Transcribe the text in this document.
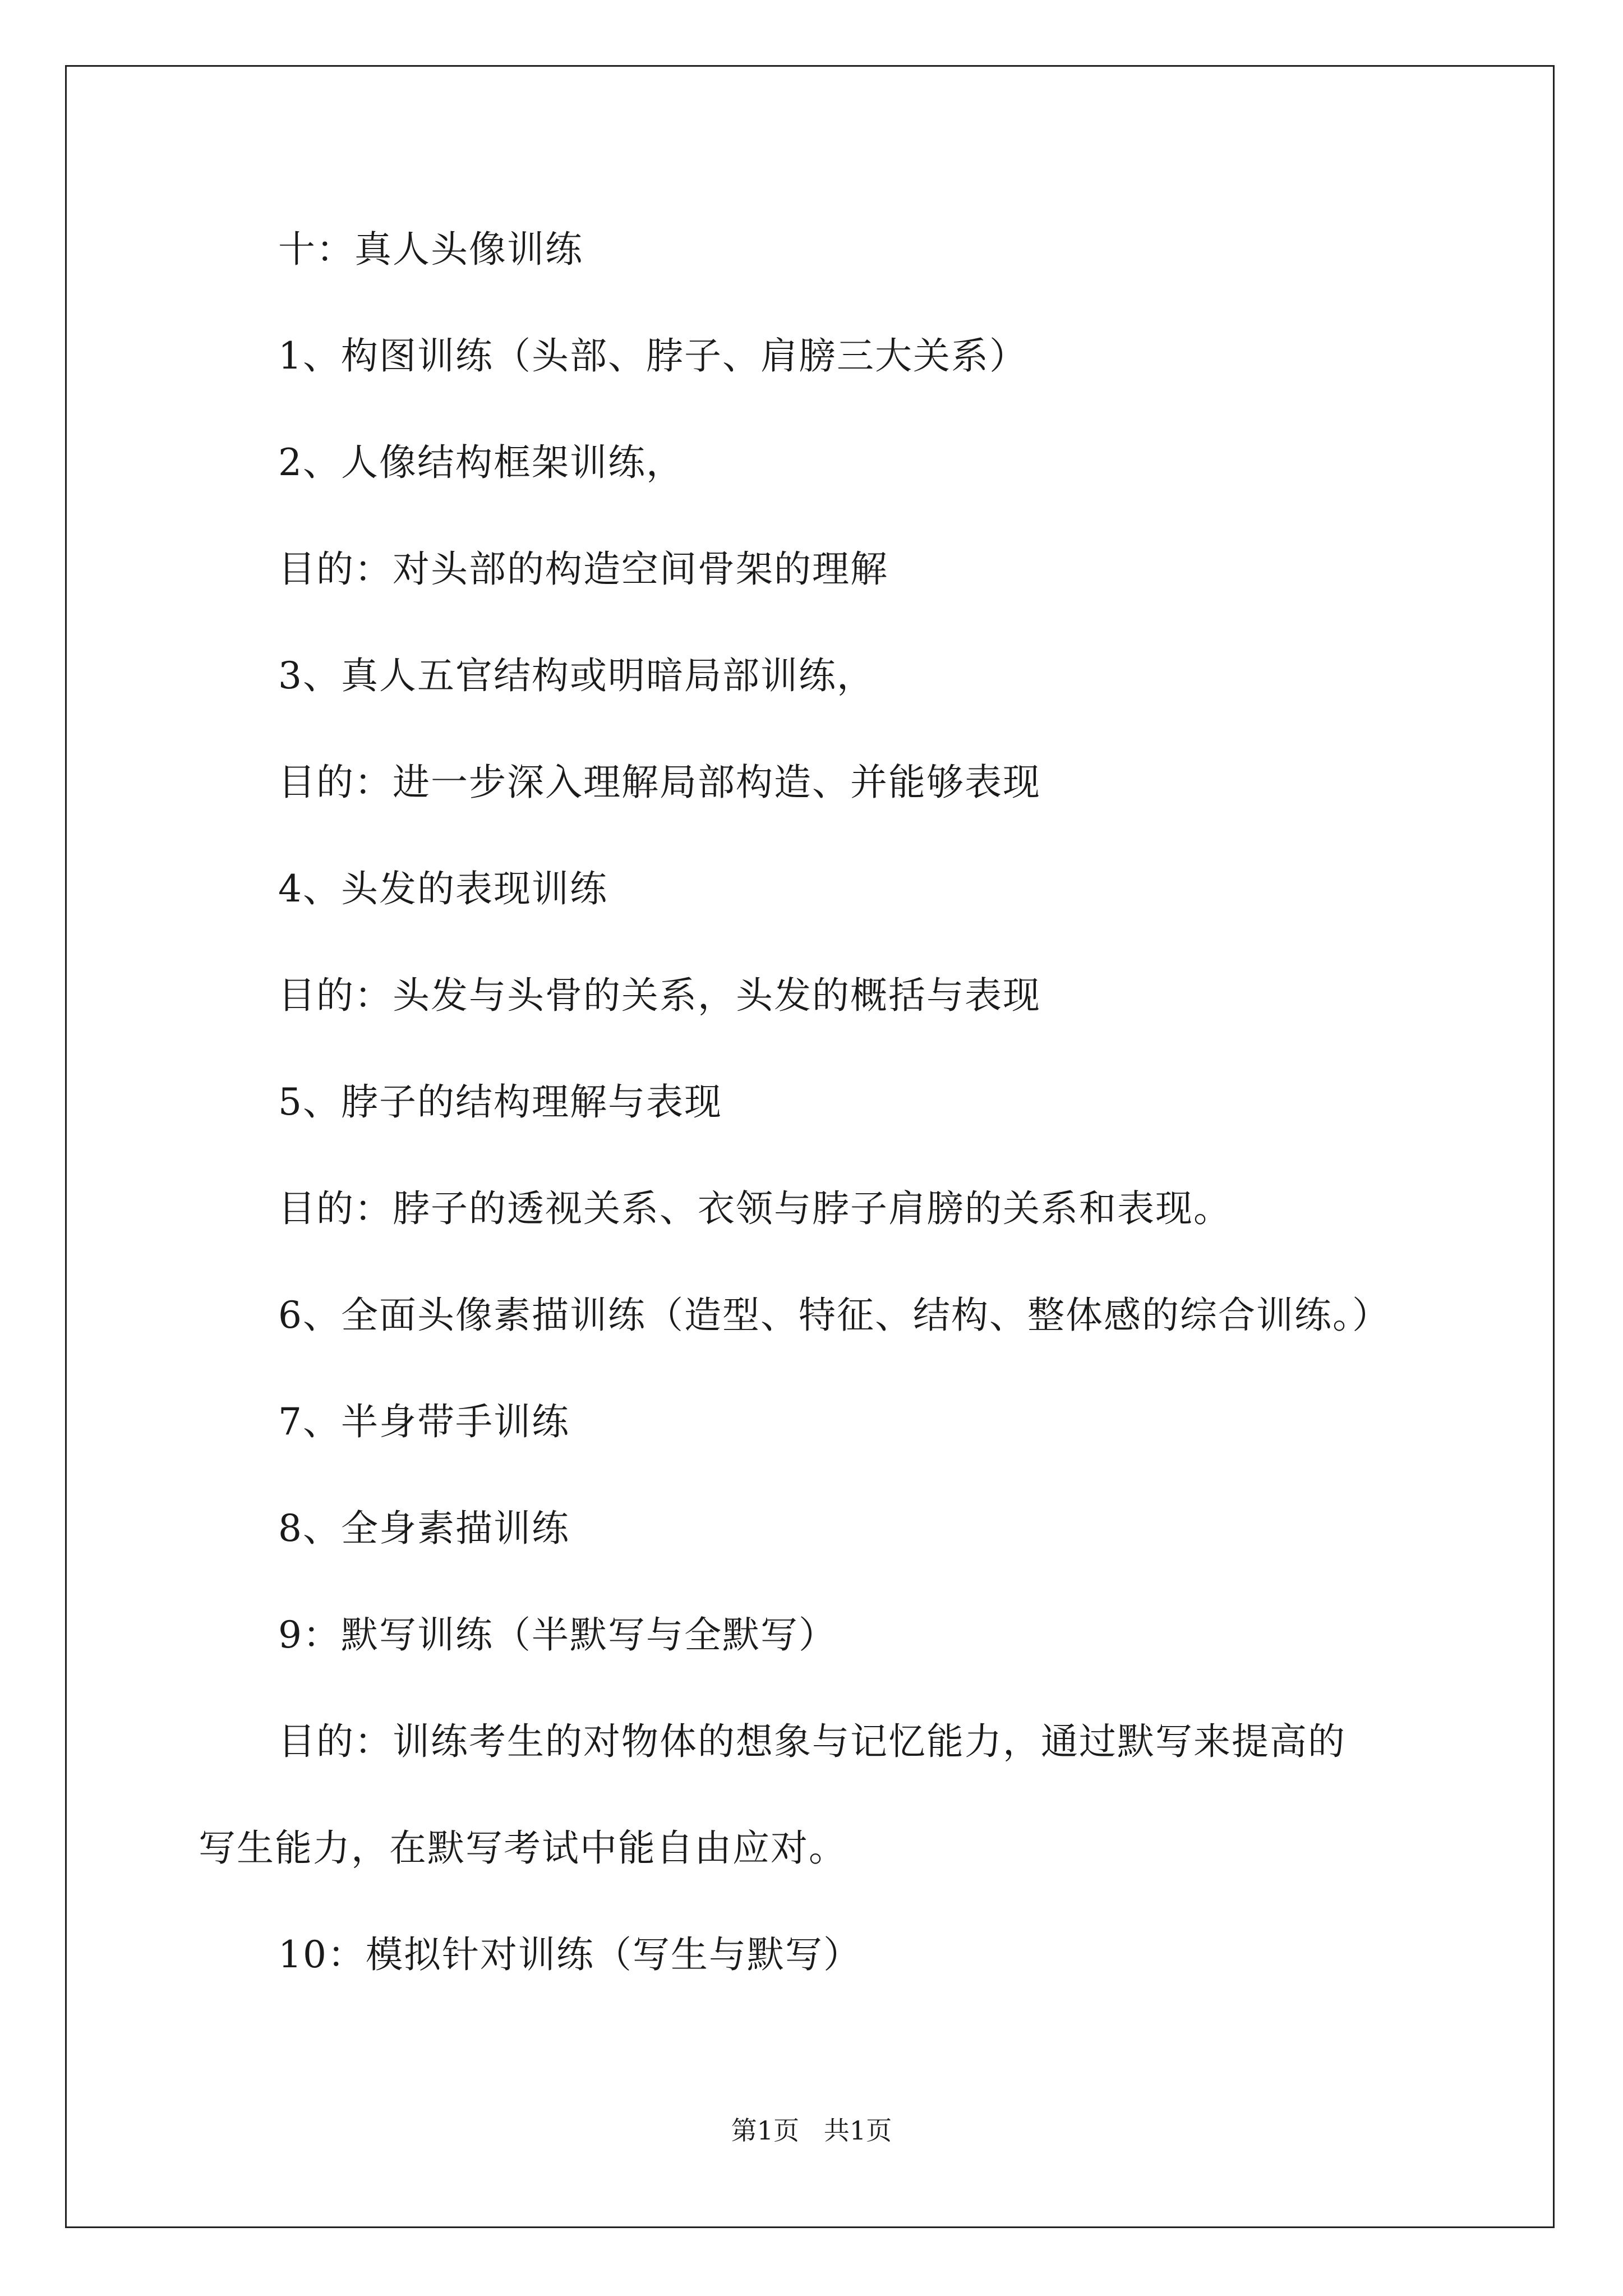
十：真人头像训练
1、构图训练（头部、脖子、肩膀三大关系）
2、人像结构框架训练，
目的：对头部的构造空间骨架的理解
3、真人五官结构或明暗局部训练，
目的：进一步深入理解局部构造、并能够表现
4、头发的表现训练
目的：头发与头骨的关系，头发的概括与表现
5、脖子的结构理解与表现
目的：脖子的透视关系、衣领与脖子肩膀的关系和表现。
6、全面头像素描训练（造型、特征、结构、整体感的综合训练。）
7、半身带手训练
8、全身素描训练
9：默写训练（半默写与全默写）
目的：训练考生的对物体的想象与记忆能力，通过默写来提高的
写生能力，在默写考试中能自由应对。
10：模拟针对训练（写生与默写）
第1页   共1页
